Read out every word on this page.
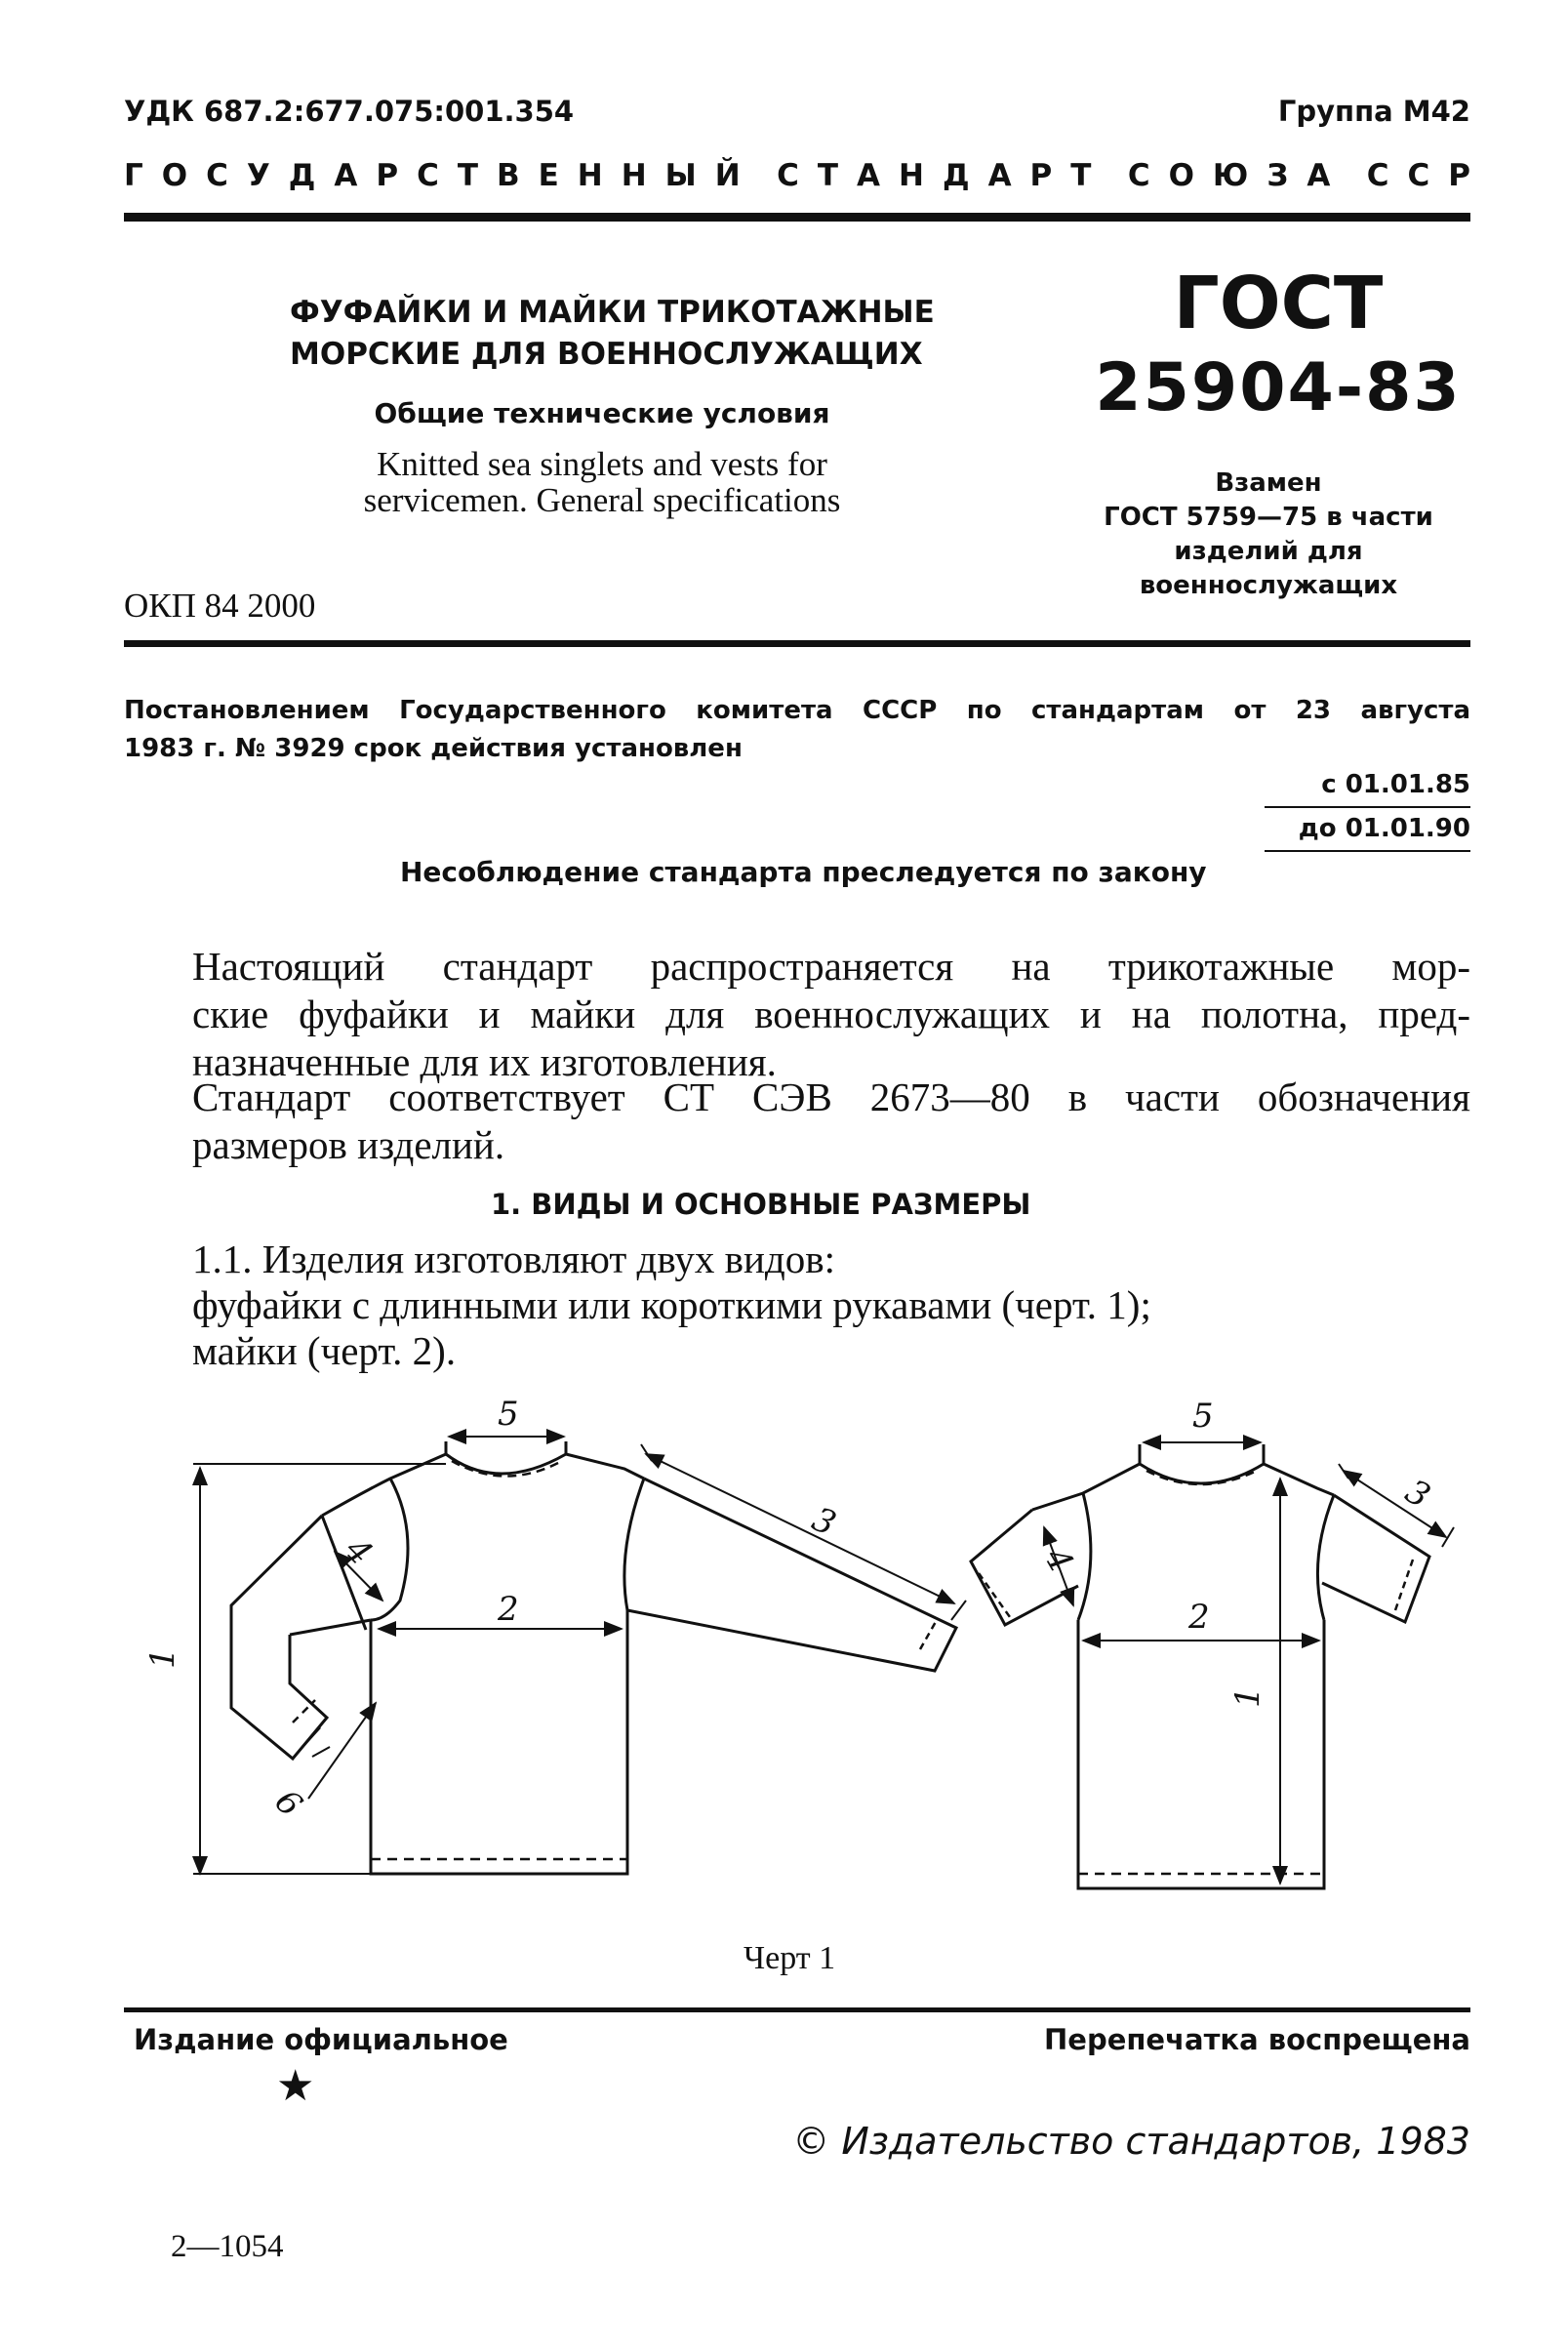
УДК 687.2:677.075:001.354	Группа М42
ГОСУДАРСТВЕННЫЙ СТАНДАРТ СОЮЗА ССР
ФУФАЙКИ И МАЙКИ ТРИКОТАЖНЫЕ
МОРСКИЕ ДЛЯ ВОЕННОСЛУЖАЩИХ
Общие технические условия
Knitted sea singlets and vests for
servicemen. General specifications
ОКП 84 2000
ГОСТ
25904-83
Взамен
ГОСТ 5759—75 в части
изделий для
военнослужащих
Постановлением Государственного комитета СССР по стандартам от 23 августа
1983 г. № 3929 срок действия установлен
с 01.01.85
до 01.01.90
Несоблюдение стандарта преследуется по закону
Настоящий стандарт распространяется на трикотажные мор-
ские фуфайки и майки для военнослужащих и на полотна, пред-
назначенные для их изготовления.
Стандарт соответствует СТ СЭВ 2673—80 в части обозначения
размеров изделий.
1. ВИДЫ И ОСНОВНЫЕ РАЗМЕРЫ
1.1. Изделия изготовляют двух видов:
фуфайки с длинными или короткими рукавами (черт. 1);
майки (черт. 2).
1
2
3
4
5
6
1
2
3
4
5
Черт 1
Издание официальное	Перепечатка воспрещена
★
© Издательство стандартов, 1983
2—1054
